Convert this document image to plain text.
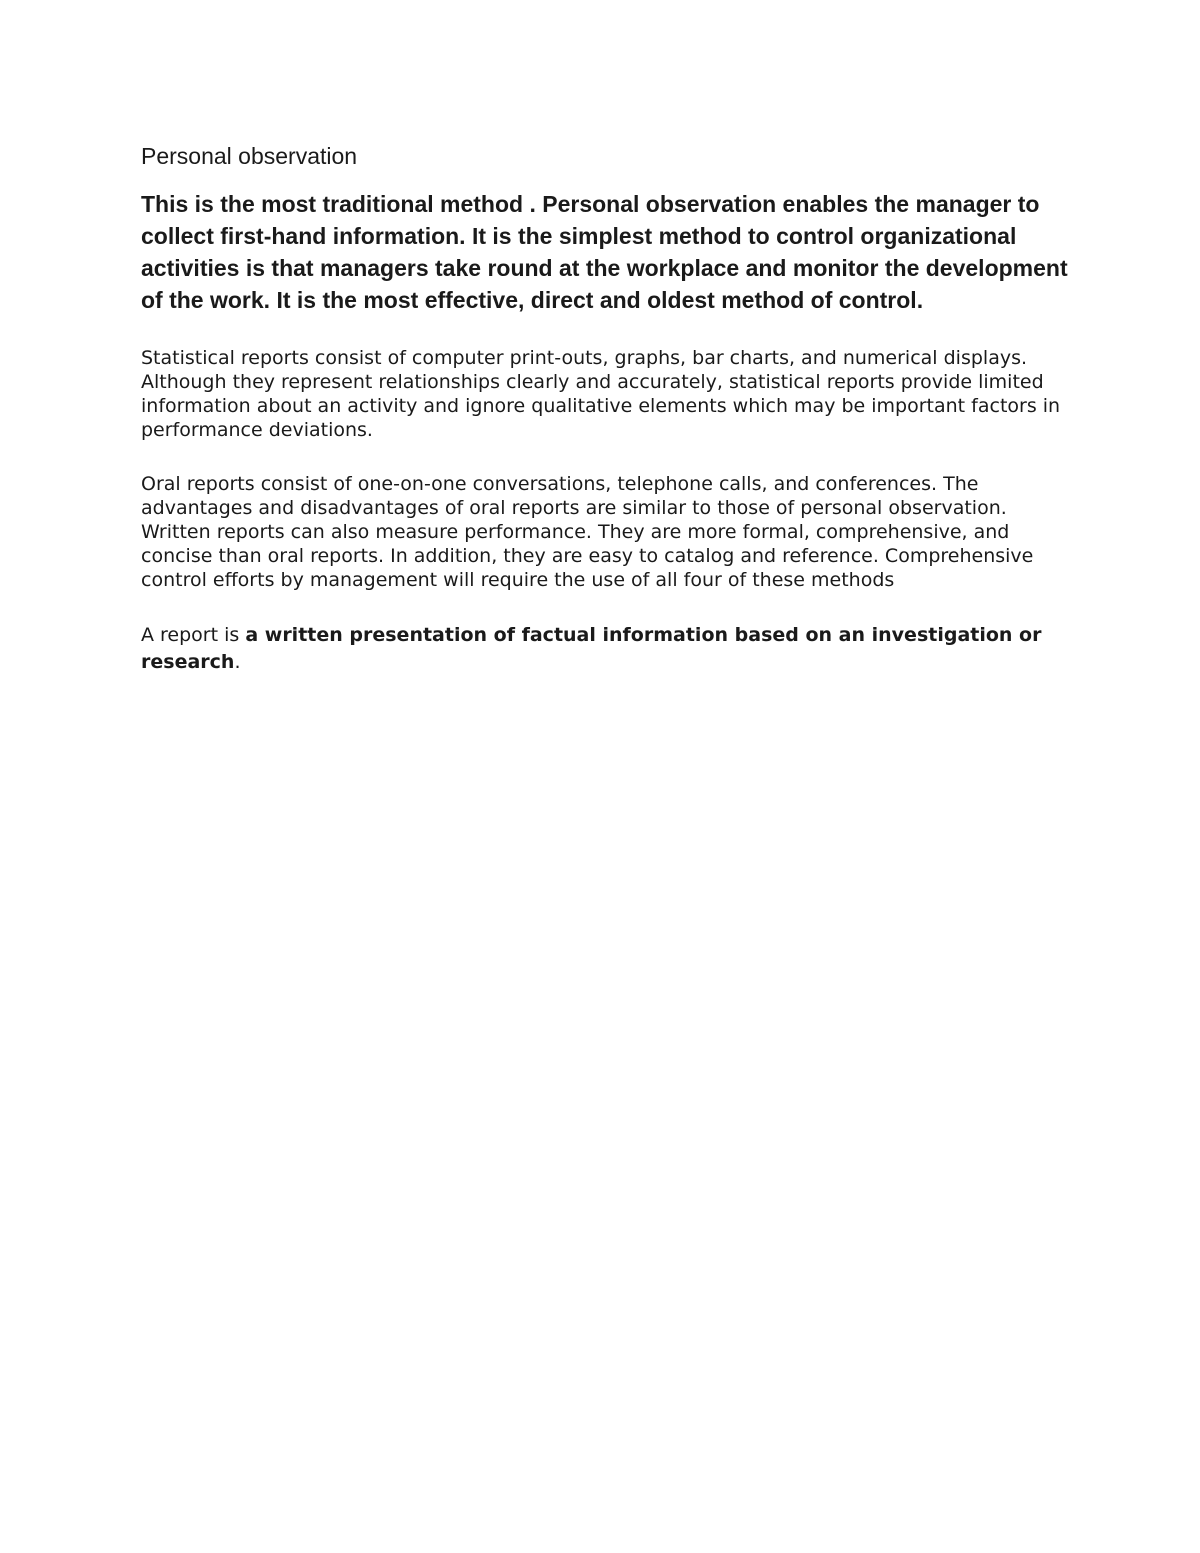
Personal observation

This is the most traditional method . Personal observation enables the manager to collect first-hand information. It is the simplest method to control organizational activities is that managers take round at the workplace and monitor the development of the work. It is the most effective, direct and oldest method of control.

Statistical reports consist of computer print-outs, graphs, bar charts, and numerical displays. Although they represent relationships clearly and accurately, statistical reports provide limited information about an activity and ignore qualitative elements which may be important factors in performance deviations.

Oral reports consist of one-on-one conversations, telephone calls, and conferences. The advantages and disadvantages of oral reports are similar to those of personal observation. Written reports can also measure performance. They are more formal, comprehensive, and concise than oral reports. In addition, they are easy to catalog and reference. Comprehensive control efforts by management will require the use of all four of these methods

A report is a written presentation of factual information based on an investigation or research.
